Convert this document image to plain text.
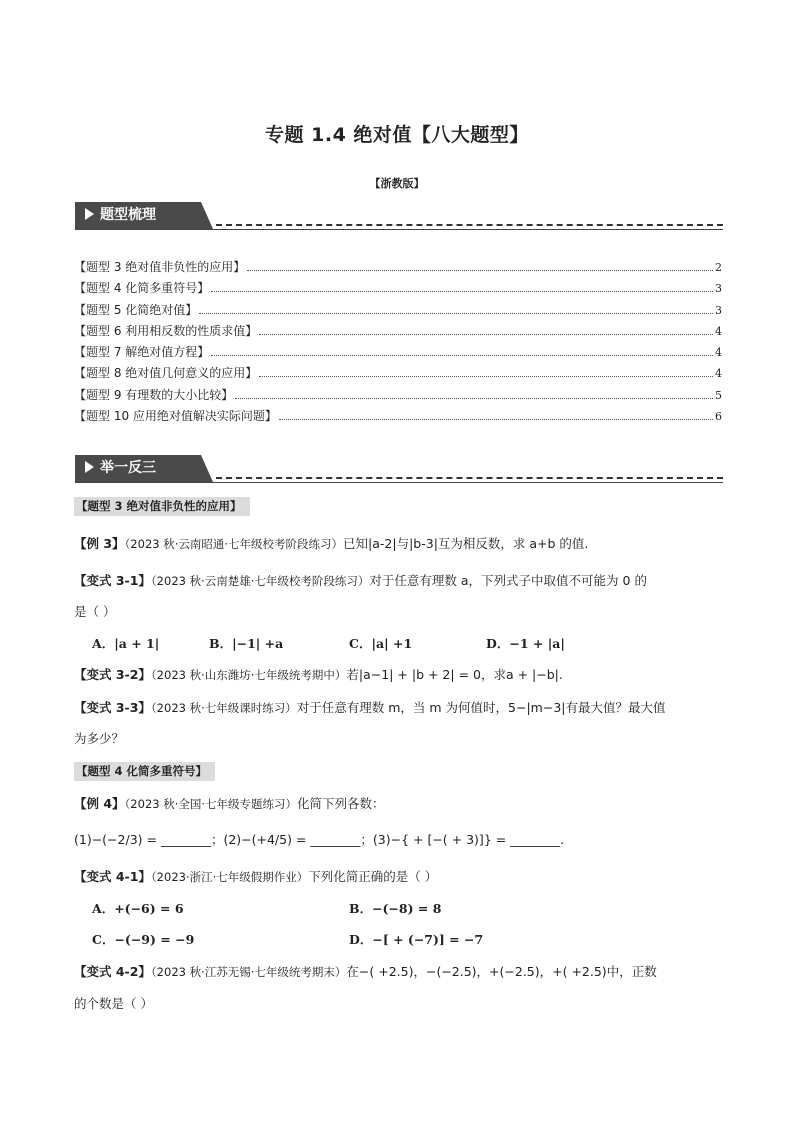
专题 1.4 绝对值【八大题型】
【浙教版】
题型梳理
【题型 3 绝对值非负性的应用】	2
【题型 4 化简多重符号】	3
【题型 5 化简绝对值】	3
【题型 6 利用相反数的性质求值】	4
【题型 7 解绝对值方程】	4
【题型 8 绝对值几何意义的应用】	4
【题型 9 有理数的大小比较】	5
【题型 10 应用绝对值解决实际问题】	6
举一反三
【题型 3 绝对值非负性的应用】
【例 3】（2023 秋·云南昭通·七年级校考阶段练习）已知|a-2|与|b-3|互为相反数，求 a+b 的值.
【变式 3-1】（2023 秋·云南楚雄·七年级校考阶段练习）对于任意有理数 a，下列式子中取值不可能为 0 的
是（ ）
A．|a + 1|	B．|−1| +a	C．|a| +1	D．−1 + |a|
【变式 3-2】（2023 秋·山东潍坊·七年级统考期中）若|a−1| + |b + 2| = 0，求a + |−b|.
【变式 3-3】（2023 秋·七年级课时练习）对于任意有理数 m，当 m 为何值时，5−|m−3|有最大值？最大值
为多少？
【题型 4 化简多重符号】
【例 4】（2023 秋·全国·七年级专题练习）化简下列各数：
(1)−(−2/3) = ________；(2)−(+4/5) = ________；(3)−{ + [−( + 3)]} = ________.
【变式 4-1】（2023·浙江·七年级假期作业）下列化简正确的是（ ）
A．+(−6) = 6	B．−(−8) = 8
C．−(−9) = −9	D．−[ + (−7)] = −7
【变式 4-2】（2023 秋·江苏无锡·七年级统考期末）在−( +2.5)，−(−2.5)，+(−2.5)，+( +2.5)中，正数
的个数是（ ）
